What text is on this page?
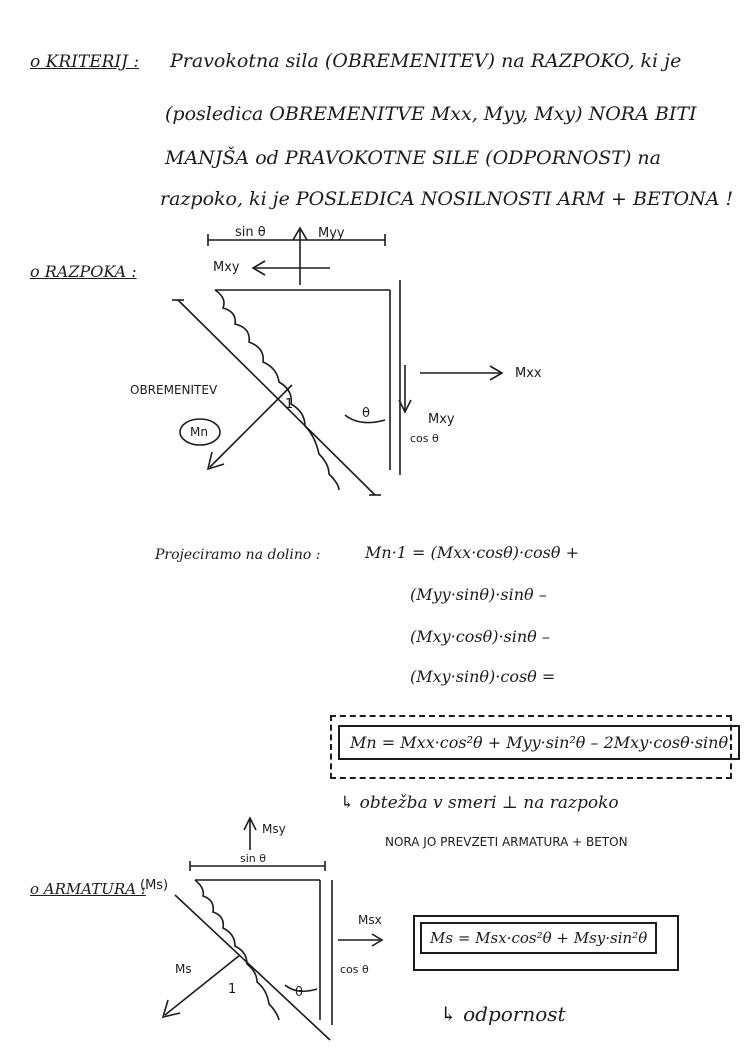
o KRITERIJ : Pravokotna sila (OBREMENITEV) na RAZPOKO, ki je
(posledica OBREMENITVE Mxx, Myy, Mxy) NORA BITI
MANJŠA od PRAVOKOTNE SILE (ODPORNOST) na
razpoko, ki je POSLEDICA NOSILNOSTI ARM + BETONA !
o RAZPOKA :
sin θ	Myy
Mxy
Mxx
Mxy
cos θ
OBREMENITEV
Mn
1
θ
Projeciramo na dolino :	Mn·1 = (Mxx·cosθ)·cosθ +
(Myy·sinθ)·sinθ –
(Mxy·cosθ)·sinθ –
(Mxy·sinθ)·cosθ =
Mn = Mxx·cos²θ + Myy·sin²θ – 2Mxy·cosθ·sinθ
↳ obtežba v smeri ⊥ na razpoko
NORA JO PREVZETI ARMATURA + BETON
o ARMATURA :
(Ms)
Msy
sin θ
Msx
cos θ
Ms
1	θ
Ms = Msx·cos²θ + Msy·sin²θ
↳ odpornost
